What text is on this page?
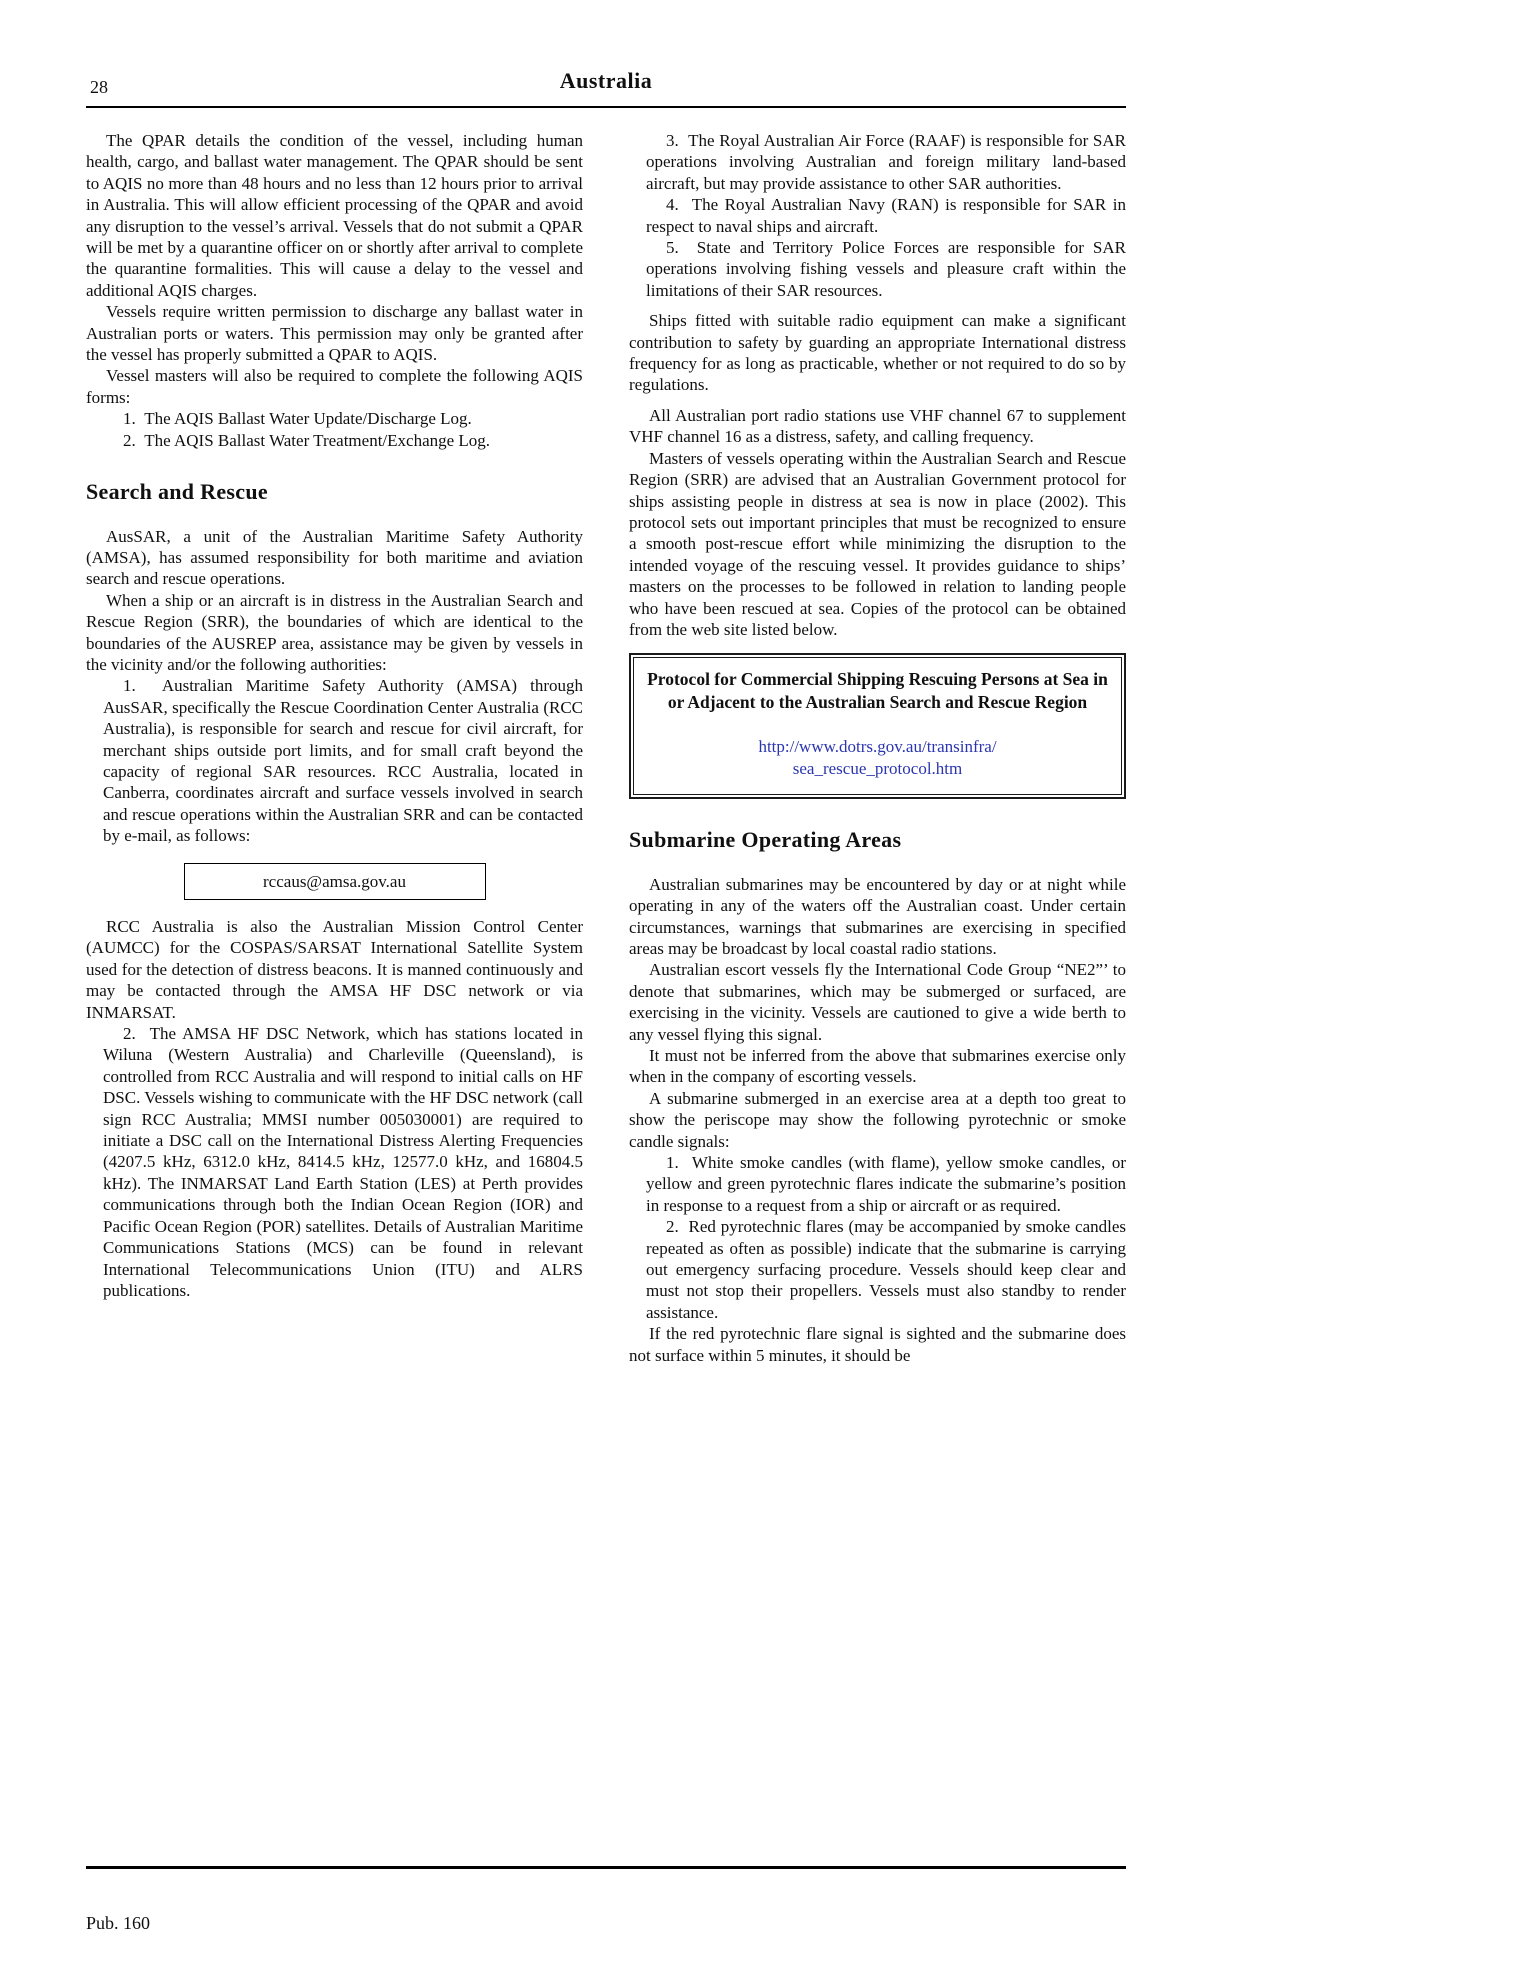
28	Australia

The QPAR details the condition of the vessel, including human health, cargo, and ballast water management. The QPAR should be sent to AQIS no more than 48 hours and no less than 12 hours prior to arrival in Australia. This will allow efficient processing of the QPAR and avoid any disruption to the vessel’s arrival. Vessels that do not submit a QPAR will be met by a quarantine officer on or shortly after arrival to complete the quarantine formalities. This will cause a delay to the vessel and additional AQIS charges.

Vessels require written permission to discharge any ballast water in Australian ports or waters. This permission may only be granted after the vessel has properly submitted a QPAR to AQIS.

Vessel masters will also be required to complete the following AQIS forms:

1.  The AQIS Ballast Water Update/Discharge Log.

2.  The AQIS Ballast Water Treatment/Exchange Log.

Search and Rescue

AusSAR, a unit of the Australian Maritime Safety Authority (AMSA), has assumed responsibility for both maritime and aviation search and rescue operations.

When a ship or an aircraft is in distress in the Australian Search and Rescue Region (SRR), the boundaries of which are identical to the boundaries of the AUSREP area, assistance may be given by vessels in the vicinity and/or the following authorities:

1.  Australian Maritime Safety Authority (AMSA) through AusSAR, specifically the Rescue Coordination Center Australia (RCC Australia), is responsible for search and rescue for civil aircraft, for merchant ships outside port limits, and for small craft beyond the capacity of regional SAR resources. RCC Australia, located in Canberra, coordinates aircraft and surface vessels involved in search and rescue operations within the Australian SRR and can be contacted by e-mail, as follows:

rccaus@amsa.gov.au

RCC Australia is also the Australian Mission Control Center (AUMCC) for the COSPAS/SARSAT International Satellite System used for the detection of distress beacons. It is manned continuously and may be contacted through the AMSA HF DSC network or via INMARSAT.

2.  The AMSA HF DSC Network, which has stations located in Wiluna (Western Australia) and Charleville (Queensland), is controlled from RCC Australia and will respond to initial calls on HF DSC. Vessels wishing to communicate with the HF DSC network (call sign RCC Australia; MMSI number 005030001) are required to initiate a DSC call on the International Distress Alerting Frequencies (4207.5 kHz, 6312.0 kHz, 8414.5 kHz, 12577.0 kHz, and 16804.5 kHz). The INMARSAT Land Earth Station (LES) at Perth provides communications through both the Indian Ocean Region (IOR) and Pacific Ocean Region (POR) satellites. Details of Australian Maritime Communications Stations (MCS) can be found in relevant International Telecommunications Union (ITU) and ALRS publications.

3.  The Royal Australian Air Force (RAAF) is responsible for SAR operations involving Australian and foreign military land-based aircraft, but may provide assistance to other SAR authorities.

4.  The Royal Australian Navy (RAN) is responsible for SAR in respect to naval ships and aircraft.

5.  State and Territory Police Forces are responsible for SAR operations involving fishing vessels and pleasure craft within the limitations of their SAR resources.

Ships fitted with suitable radio equipment can make a significant contribution to safety by guarding an appropriate International distress frequency for as long as practicable, whether or not required to do so by regulations.

All Australian port radio stations use VHF channel 67 to supplement VHF channel 16 as a distress, safety, and calling frequency.

Masters of vessels operating within the Australian Search and Rescue Region (SRR) are advised that an Australian Government protocol for ships assisting people in distress at sea is now in place (2002). This protocol sets out important principles that must be recognized to ensure a smooth post-rescue effort while minimizing the disruption to the intended voyage of the rescuing vessel. It provides guidance to ships’ masters on the processes to be followed in relation to landing people who have been rescued at sea. Copies of the protocol can be obtained from the web site listed below.

Protocol for Commercial Shipping Rescuing Persons at Sea in or Adjacent to the Australian Search and Rescue Region
http://www.dotrs.gov.au/transinfra/
sea_rescue_protocol.htm
Submarine Operating Areas

Australian submarines may be encountered by day or at night while operating in any of the waters off the Australian coast. Under certain circumstances, warnings that submarines are exercising in specified areas may be broadcast by local coastal radio stations.

Australian escort vessels fly the International Code Group “NE2”’ to denote that submarines, which may be submerged or surfaced, are exercising in the vicinity. Vessels are cautioned to give a wide berth to any vessel flying this signal.

It must not be inferred from the above that submarines exercise only when in the company of escorting vessels.

A submarine submerged in an exercise area at a depth too great to show the periscope may show the following pyrotechnic or smoke candle signals:

1.  White smoke candles (with flame), yellow smoke candles, or yellow and green pyrotechnic flares indicate the submarine’s position in response to a request from a ship or aircraft or as required.

2.  Red pyrotechnic flares (may be accompanied by smoke candles repeated as often as possible) indicate that the submarine is carrying out emergency surfacing procedure. Vessels should keep clear and must not stop their propellers. Vessels must also standby to render assistance.

If the red pyrotechnic flare signal is sighted and the submarine does not surface within 5 minutes, it should be

Pub. 160
